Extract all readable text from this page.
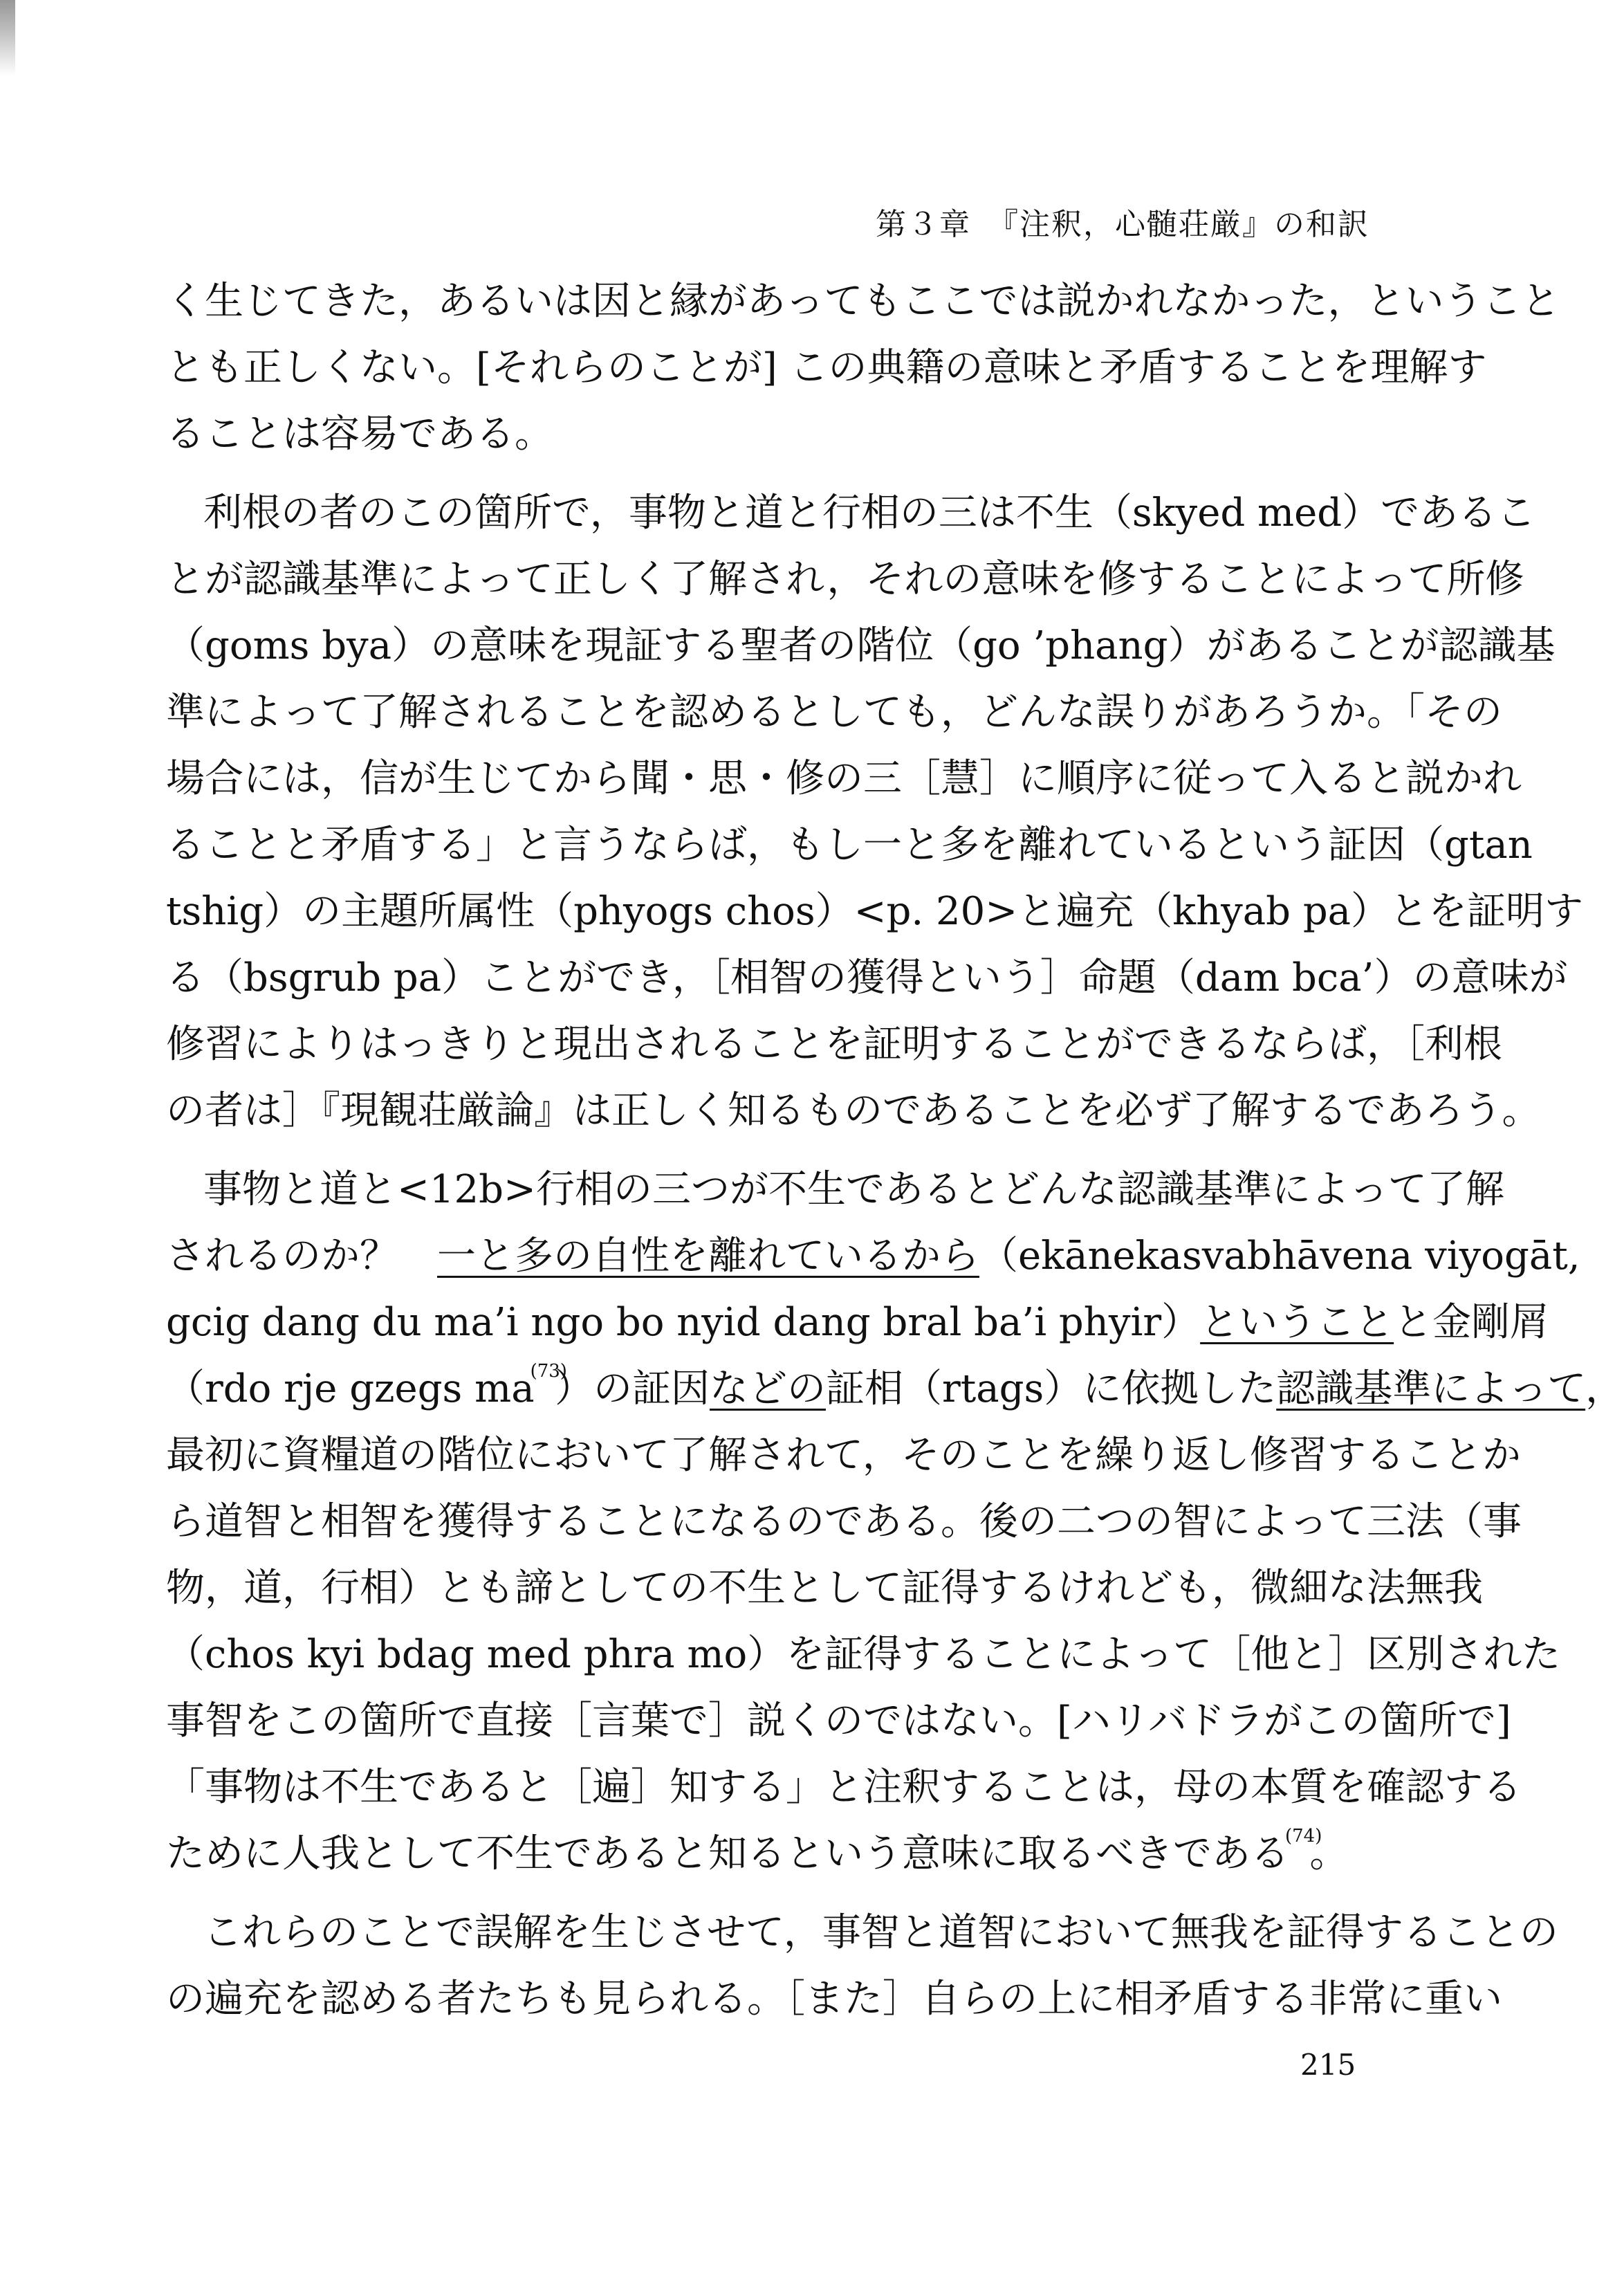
第３章　『注釈，心髄荘厳』の和訳
く生じてきた，あるいは因と縁があってもここでは説かれなかった，ということ
とも正しくない。[それらのことが] この典籍の意味と矛盾することを理解す
ることは容易である。
利根の者のこの箇所で，事物と道と行相の三は不生（skyed med）であるこ
とが認識基準によって正しく了解され，それの意味を修することによって所修
（goms bya）の意味を現証する聖者の階位（go ’phang）があることが認識基
準によって了解されることを認めるとしても，どんな誤りがあろうか。「その
場合には，信が生じてから聞・思・修の三［慧］に順序に従って入ると説かれ
ることと矛盾する」と言うならば，もし一と多を離れているという証因（gtan
tshig）の主題所属性（phyogs chos）<p. 20>と遍充（khyab pa）とを証明す
る（bsgrub pa）ことができ，［相智の獲得という］命題（dam bca’）の意味が
修習によりはっきりと現出されることを証明することができるならば，［利根
の者は］『現観荘厳論』は正しく知るものであることを必ず了解するであろう。
事物と道と<12b>行相の三つが不生であるとどんな認識基準によって了解
されるのか？　一と多の自性を離れているから（ekānekasvabhāvena viyogāt,
gcig dang du ma’i ngo bo nyid dang bral ba’i phyir）ということと金剛屑
（rdo rje gzegs ma$^{(73)}$）の証因などの証相（rtags）に依拠した認識基準によって，
最初に資糧道の階位において了解されて，そのことを繰り返し修習することか
ら道智と相智を獲得することになるのである。後の二つの智によって三法（事
物，道，行相）とも諦としての不生として証得するけれども，微細な法無我
（chos kyi bdag med phra mo）を証得することによって［他と］区別された
事智をこの箇所で直接［言葉で］説くのではない。[ハリバドラがこの箇所で]
「事物は不生であると［遍］知する」と注釈することは，母の本質を確認する
ために人我として不生であると知るという意味に取るべきである$^{(74)}$。
これらのことで誤解を生じさせて，事智と道智において無我を証得することの
の遍充を認める者たちも見られる。［また］自らの上に相矛盾する非常に重い
215
